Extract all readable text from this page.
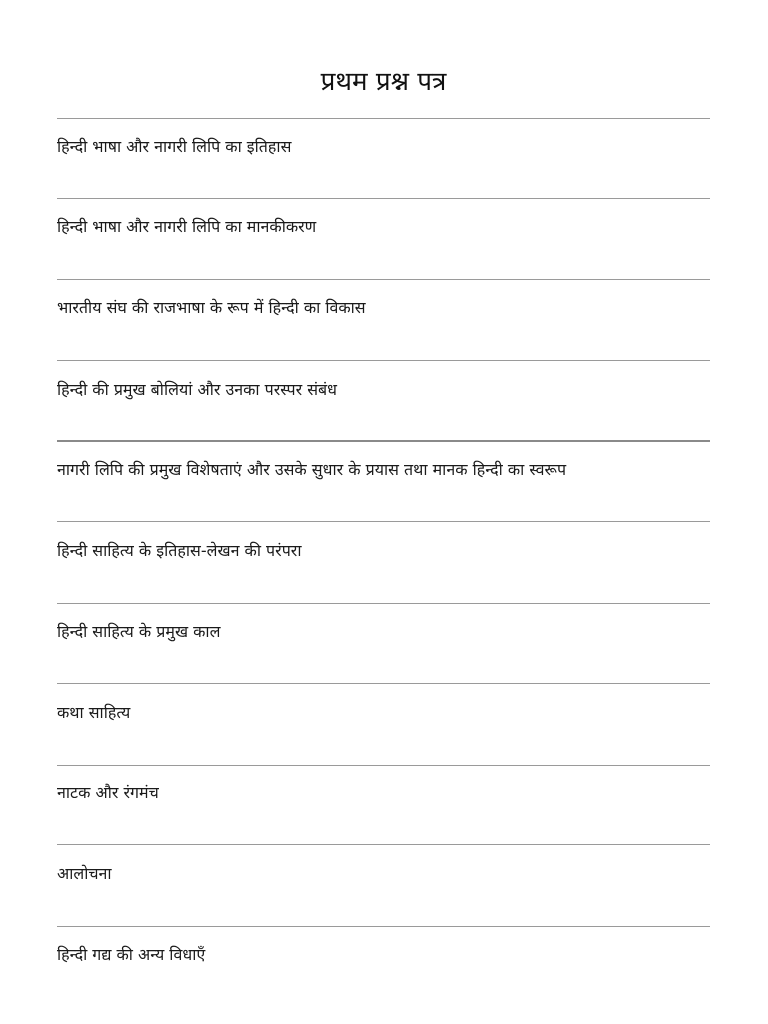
प्रथम प्रश्न पत्र
हिन्दी भाषा और नागरी लिपि का इतिहास
हिन्दी भाषा और नागरी लिपि का मानकीकरण
भारतीय संघ की राजभाषा के रूप में हिन्दी का विकास
हिन्दी की प्रमुख बोलियां और उनका परस्पर संबंध
नागरी लिपि की प्रमुख विशेषताएं और उसके सुधार के प्रयास तथा मानक हिन्दी का स्वरूप
हिन्दी साहित्य के इतिहास-लेखन की परंपरा
हिन्दी साहित्य के प्रमुख काल
कथा साहित्य
नाटक और रंगमंच
आलोचना
हिन्दी गद्य की अन्य विधाएँ
